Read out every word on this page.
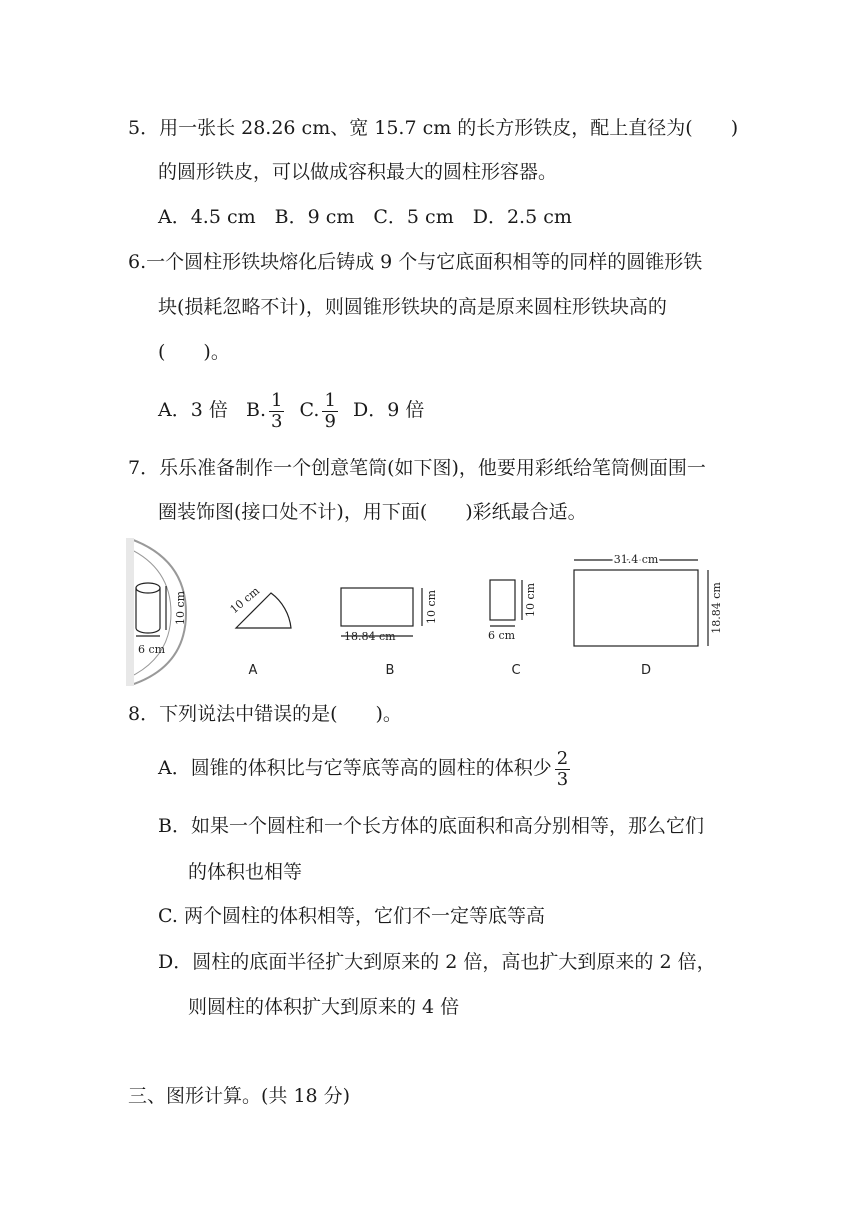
5．用一张长 28.26 cm、宽 15.7 cm 的长方形铁皮，配上直径为(　　)
的圆形铁皮，可以做成容积最大的圆柱形容器。
A．4.5 cm　B．9 cm　C．5 cm　D．2.5 cm
6.一个圆柱形铁块熔化后铸成 9 个与它底面积相等的同样的圆锥形铁
块(损耗忽略不计)，则圆锥形铁块的高是原来圆柱形铁块高的
(　　)。
A．3 倍 B. $\frac{1}{3} C$. $\frac{1}{9}$ D．9 倍
7．乐乐准备制作一个创意笔筒(如下图)，他要用彩纸给笔筒侧面围一
圈装饰图(接口处不计)，用下面(　　)彩纸最合适。
10 cm
6 cm
10 cm
A
18.84 cm
10 cm
B
6 cm
10 cm
C
31.4 cm
18.84 cm
D
8．下列说法中错误的是(　　)。
A．圆锥的体积比与它等底等高的圆柱的体积少 $\frac{2}{3}$
B．如果一个圆柱和一个长方体的底面积和高分别相等，那么它们
的体积也相等
C. 两个圆柱的体积相等，它们不一定等底等高
D．圆柱的底面半径扩大到原来的 2 倍，高也扩大到原来的 2 倍，
则圆柱的体积扩大到原来的 4 倍
三、图形计算。(共 18 分)
